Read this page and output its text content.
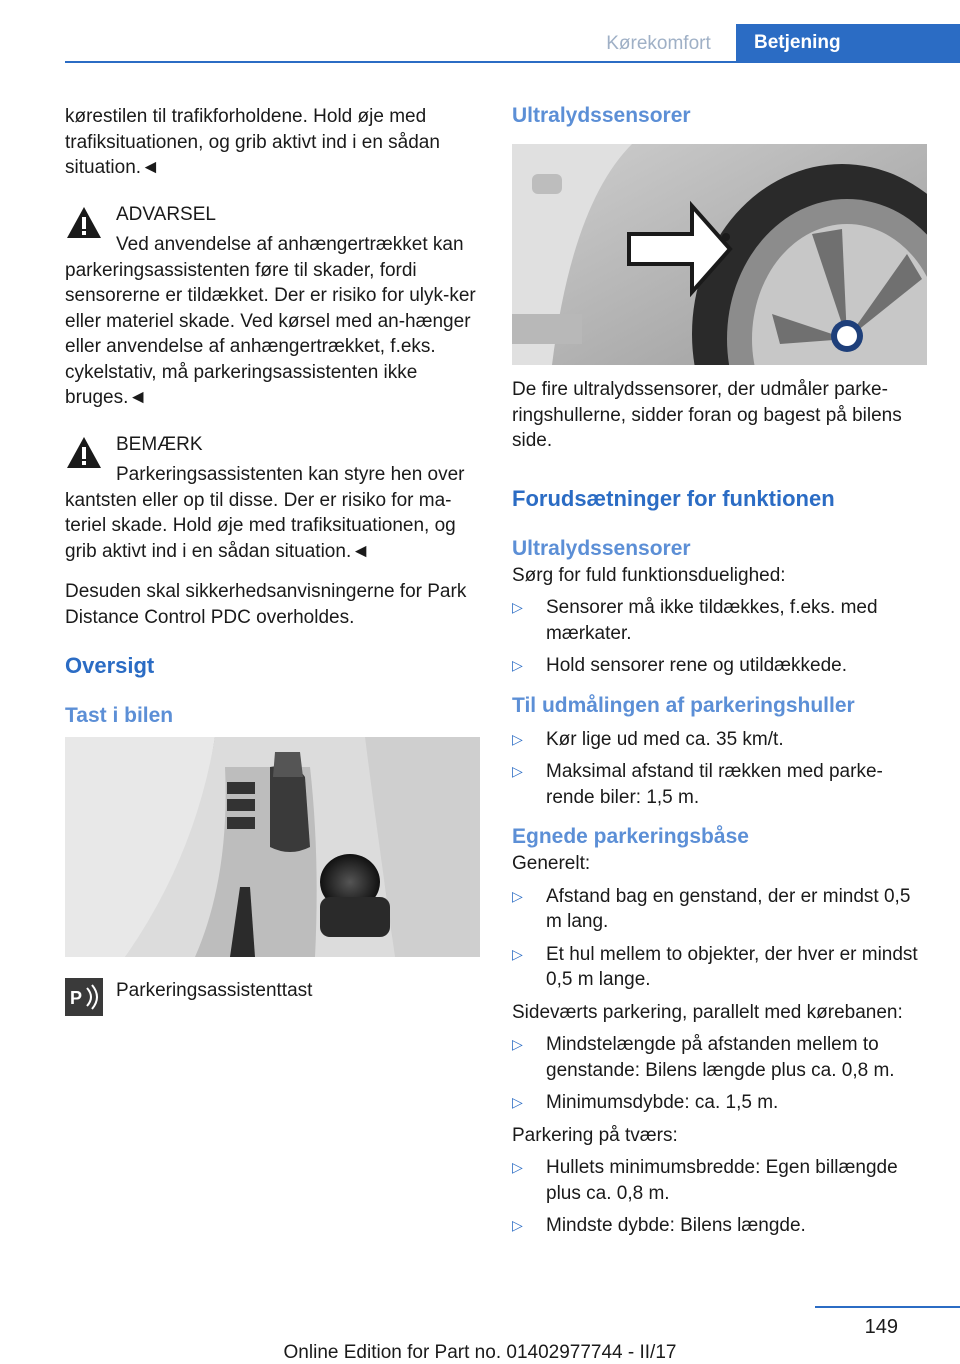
Kørekomfort	Betjening

kørestilen til trafikforholdene. Hold øje med trafiksituationen, og grib aktivt ind i en sådan situation.◄

ADVARSEL

Ved anvendelse af anhængertrækket kan

parkeringsassistenten føre til skader, fordi sensorerne er tildækket. Der er risiko for ulyk-ker eller materiel skade. Ved kørsel med an-hænger eller anvendelse af anhængertrækket, f.eks. cykelstativ, må parkeringsassistenten ikke bruges.◄

BEMÆRK

Parkeringsassistenten kan styre hen over

kantsten eller op til disse. Der er risiko for ma-teriel skade. Hold øje med trafiksituationen, og grib aktivt ind i en sådan situation.◄

Desuden skal sikkerhedsanvisningerne for Park Distance Control PDC overholdes.

Oversigt
Tast i bilen
P	Parkeringsassistenttast

Ultralydssensorer

De fire ultralydssensorer, der udmåler parke-ringshullerne, sidder foran og bagest på bilens side.

Forudsætninger for funktionen
Ultralydssensorer

Sørg for fuld funktionsduelighed:

▷ Sensorer må ikke tildækkes, f.eks. med mærkater.
▷ Hold sensorer rene og utildækkede.
Til udmålingen af parkeringshuller
▷ Kør lige ud med ca. 35 km/t.
▷ Maksimal afstand til rækken med parke-rende biler: 1,5 m.
Egnede parkeringsbåse

Generelt:

▷ Afstand bag en genstand, der er mindst 0,5 m lang.
▷ Et hul mellem to objekter, der hver er mindst 0,5 m lange.

Sideværts parkering, parallelt med kørebanen:

▷ Mindstelængde på afstanden mellem to genstande: Bilens længde plus ca. 0,8 m.
▷ Minimumsdybde: ca. 1,5 m.

Parkering på tværs:

▷ Hullets minimumsbredde: Egen billængde plus ca. 0,8 m.
▷ Mindste dybde: Bilens længde.
149
Online Edition for Part no. 01402977744 - II/17
